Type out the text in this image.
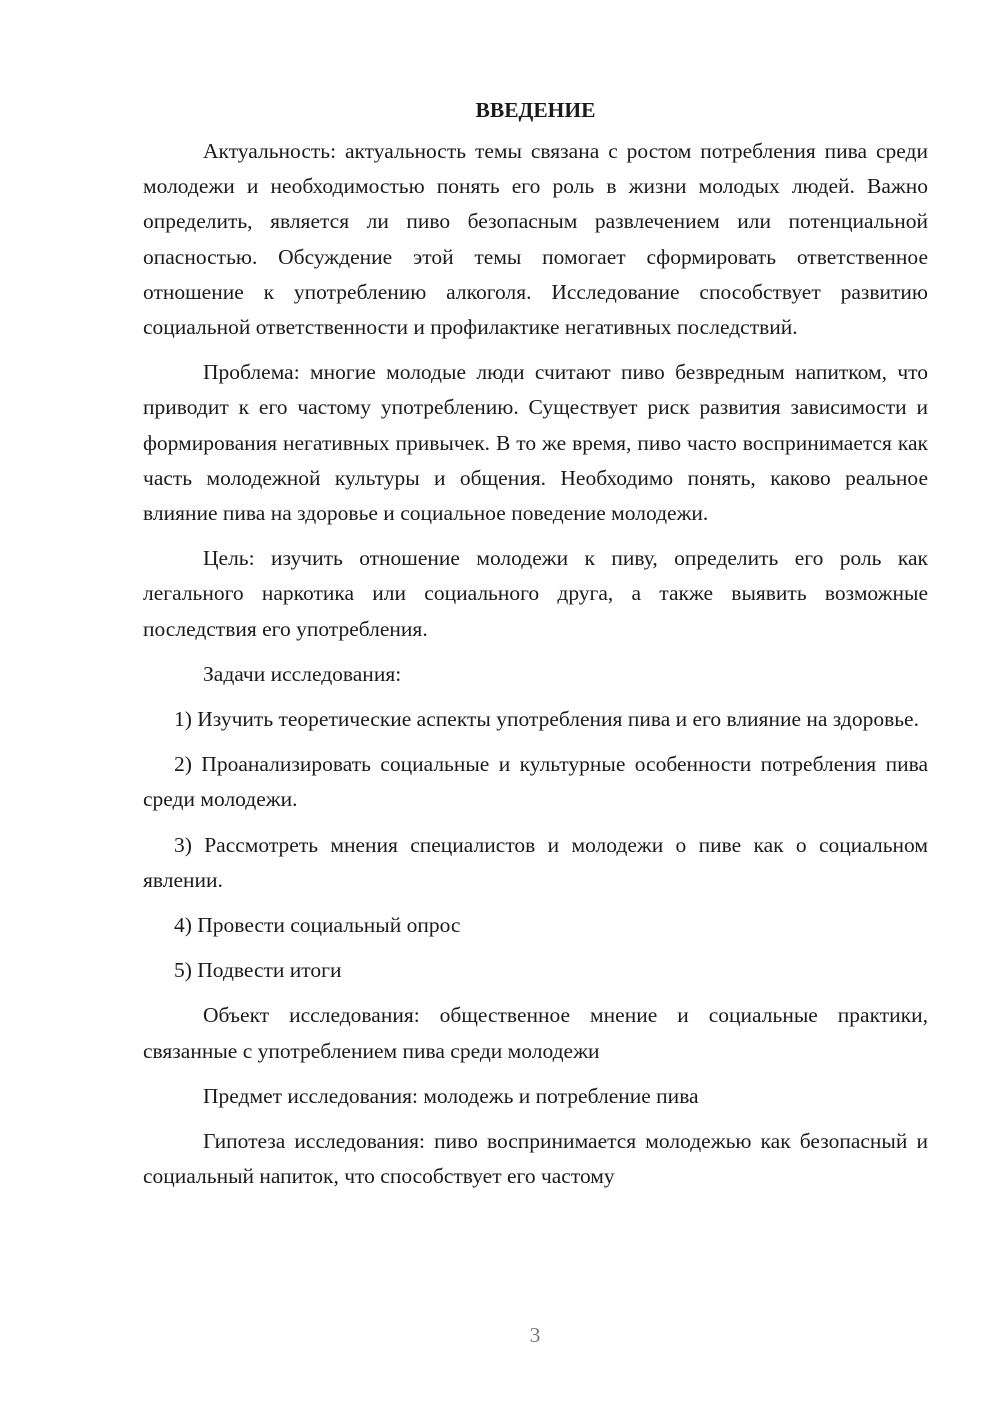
ВВЕДЕНИЕ

Актуальность: актуальность темы связана с ростом потребления пива среди молодежи и необходимостью понять его роль в жизни молодых людей. Важно определить, является ли пиво безопасным развлечением или потенциальной опасностью. Обсуждение этой темы помогает сформировать ответственное отношение к употреблению алкоголя. Исследование способствует развитию социальной ответственности и профилактике негативных последствий.

Проблема: многие молодые люди считают пиво безвредным напитком, что приводит к его частому употреблению. Существует риск развития зависимости и формирования негативных привычек. В то же время, пиво часто воспринимается как часть молодежной культуры и общения. Необходимо понять, каково реальное влияние пива на здоровье и социальное поведение молодежи.

Цель: изучить отношение молодежи к пиву, определить его роль как легального наркотика или социального друга, а также выявить возможные последствия его употребления.

Задачи исследования:

1) Изучить теоретические аспекты употребления пива и его влияние на здоровье.

2) Проанализировать социальные и культурные особенности потребления пива среди молодежи.

3) Рассмотреть мнения специалистов и молодежи о пиве как о социальном явлении.

4) Провести социальный опрос

5) Подвести итоги

Объект исследования: общественное мнение и социальные практики, связанные с употреблением пива среди молодежи

Предмет исследования: молодежь и потребление пива

Гипотеза исследования: пиво воспринимается молодежью как безопасный и социальный напиток, что способствует его частому

3
